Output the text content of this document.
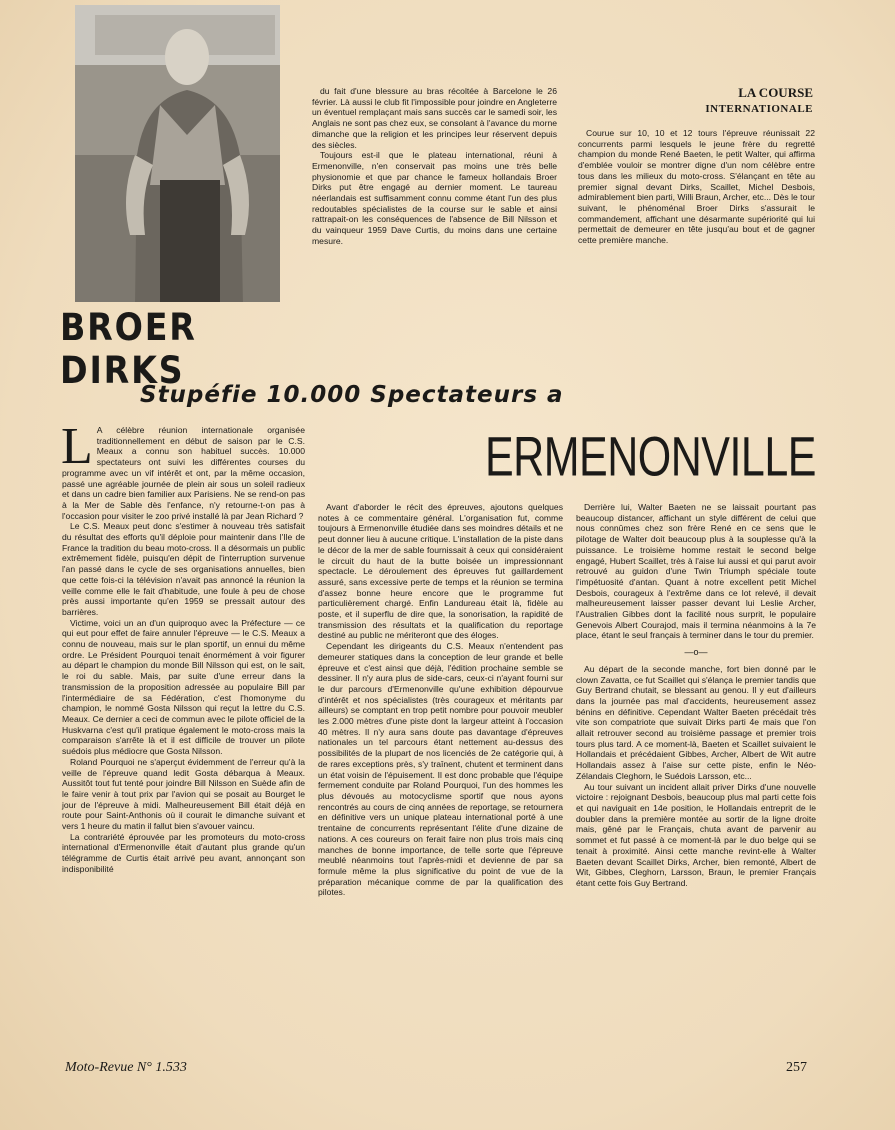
BROER DIRKS

du fait d'une blessure au bras récoltée à Barcelone le 26 février. Là aussi le club fit l'impossible pour joindre en Angleterre un éventuel remplaçant mais sans succès car le samedi soir, les Anglais ne sont pas chez eux, se consolant à l'avance du morne dimanche que la religion et les principes leur réservent depuis des siècles.

Toujours est-il que le plateau international, réuni à Ermenonville, n'en conservait pas moins une très belle physionomie et que par chance le fameux hollandais Broer Dirks put être engagé au dernier moment. Le taureau néerlandais est suffisamment connu comme étant l'un des plus redoutables spécialistes de la course sur le sable et ainsi rattrapait-on les conséquences de l'absence de Bill Nilsson et du vainqueur 1959 Dave Curtis, du moins dans une certaine mesure.

LA COURSE
INTERNATIONALE

Courue sur 10, 10 et 12 tours l'épreuve réunissait 22 concurrents parmi lesquels le jeune frère du regretté champion du monde René Baeten, le petit Walter, qui affirma d'emblée vouloir se montrer digne d'un nom célèbre entre tous dans les milieux du moto-cross. S'élançant en tête au premier signal devant Dirks, Scaillet, Michel Desbois, admirablement bien parti, Willi Braun, Archer, etc... Dès le tour suivant, le phénoménal Broer Dirks s'assurait le commandement, affichant une désarmante supériorité qui lui permettait de demeurer en tête jusqu'au bout et de gagner cette première manche.

Stupéfie 10.000 Spectateurs a
ERMENONVILLE
L A célèbre réunion internationale organisée traditionnellement en début de saison par le C.S. Meaux a connu son habituel succès. 10.000 spectateurs ont suivi les différentes courses du programme avec un vif intérêt et ont, par la même occasion, passé une agréable journée de plein air sous un soleil radieux et dans un cadre bien familier aux Parisiens. Ne se rend-on pas à la Mer de Sable dès l'enfance, n'y retourne-t-on pas à l'occasion pour visiter le zoo privé installé là par Jean Richard ?

Le C.S. Meaux peut donc s'estimer à nouveau très satisfait du résultat des efforts qu'il déploie pour maintenir dans l'Ile de France la tradition du beau moto-cross. Il a désormais un public extrêmement fidèle, puisqu'en dépit de l'interruption survenue l'an passé dans le cycle de ses organisations annuelles, bien que cette fois-ci la télévision n'avait pas annoncé la réunion la veille comme elle le fait d'habitude, une foule à peu de chose près aussi importante qu'en 1959 se pressait autour des barrières.

Victime, voici un an d'un quiproquo avec la Préfecture — ce qui eut pour effet de faire annuler l'épreuve — le C.S. Meaux a connu de nouveau, mais sur le plan sportif, un ennui du même ordre. Le Président Pourquoi tenait énormément à voir figurer au départ le champion du monde Bill Nilsson qui est, on le sait, le roi du sable. Mais, par suite d'une erreur dans la transmission de la proposition adressée au populaire Bill par l'intermédiaire de sa Fédération, c'est l'homonyme du champion, le nommé Gosta Nilsson qui reçut la lettre du C.S. Meaux. Ce dernier a ceci de commun avec le pilote officiel de la Huskvarna c'est qu'il pratique également le moto-cross mais la comparaison s'arrête là et il est difficile de trouver un pilote suédois plus médiocre que Gosta Nilsson.

Roland Pourquoi ne s'aperçut évidemment de l'erreur qu'à la veille de l'épreuve quand ledit Gosta débarqua à Meaux. Aussitôt tout fut tenté pour joindre Bill Nilsson en Suède afin de le faire venir à tout prix par l'avion qui se posait au Bourget le jour de l'épreuve à midi. Malheureusement Bill était déjà en route pour Saint-Anthonis où il courait le dimanche suivant et vers 1 heure du matin il fallut bien s'avouer vaincu.

La contrariété éprouvée par les promoteurs du moto-cross international d'Ermenonville était d'autant plus grande qu'un télégramme de Curtis était arrivé peu avant, annonçant son indisponibilité

Avant d'aborder le récit des épreuves, ajoutons quelques notes à ce commentaire général. L'organisation fut, comme toujours à Ermenonville étudiée dans ses moindres détails et ne peut donner lieu à aucune critique. L'installation de la piste dans le décor de la mer de sable fournissait à ceux qui considéraient le circuit du haut de la butte boisée un impressionnant spectacle. Le déroulement des épreuves fut gaillardement assuré, sans excessive perte de temps et la réunion se termina d'assez bonne heure encore que le programme fut particulièrement chargé. Enfin Landureau était là, fidèle au poste, et il superflu de dire que, la sonorisation, la rapidité de transmission des résultats et la qualification du reportage destiné au public ne mériteront que des éloges.

Cependant les dirigeants du C.S. Meaux n'entendent pas demeurer statiques dans la conception de leur grande et belle épreuve et c'est ainsi que déjà, l'édition prochaine semble se dessiner. Il n'y aura plus de side-cars, ceux-ci n'ayant fourni sur le dur parcours d'Ermenonville qu'une exhibition dépourvue d'intérêt et nos spécialistes (très courageux et méritants par ailleurs) se comptant en trop petit nombre pour pouvoir meubler les 2.000 mètres d'une piste dont la largeur atteint à l'occasion 40 mètres. Il n'y aura sans doute pas davantage d'épreuves nationales un tel parcours étant nettement au-dessus des possibilités de la plupart de nos licenciés de 2e catégorie qui, à de rares exceptions près, s'y traînent, chutent et terminent dans un état voisin de l'épuisement. Il est donc probable que l'équipe fermement conduite par Roland Pourquoi, l'un des hommes les plus dévoués au motocyclisme sportif que nous ayons rencontrés au cours de cinq années de reportage, se retournera en définitive vers un unique plateau international porté à une trentaine de concurrents représentant l'élite d'une dizaine de nations. A ces coureurs on ferait faire non plus trois mais cinq manches de bonne importance, de telle sorte que l'épreuve meublé néanmoins tout l'après-midi et devienne de par sa formule même la plus significative du point de vue de la préparation mécanique comme de par la qualification des pilotes.

Derrière lui, Walter Baeten ne se laissait pourtant pas beaucoup distancer, affichant un style différent de celui que nous connûmes chez son frère René en ce sens que le pilotage de Walter doit beaucoup plus à la souplesse qu'à la puissance. Le troisième homme restait le second belge engagé, Hubert Scaillet, très à l'aise lui aussi et qui parut avoir retrouvé au guidon d'une Twin Triumph spéciale toute l'impétuosité d'antan. Quant à notre excellent petit Michel Desbois, courageux à l'extrême dans ce lot relevé, il devait malheureusement laisser passer devant lui Leslie Archer, l'Australien Gibbes dont la facilité nous surprit, le populaire Genevois Albert Courajod, mais il termina néanmoins à la 7e place, étant le seul français à terminer dans le tour du premier.

—o—

Au départ de la seconde manche, fort bien donné par le clown Zavatta, ce fut Scaillet qui s'élança le premier tandis que Guy Bertrand chutait, se blessant au genou. Il y eut d'ailleurs dans la journée pas mal d'accidents, heureusement assez bénins en définitive. Cependant Walter Baeten précédait très vite son compatriote que suivait Dirks parti 4e mais que l'on allait retrouver second au troisième passage et premier trois tours plus tard. A ce moment-là, Baeten et Scaillet suivaient le Hollandais et précédaient Gibbes, Archer, Albert de Wit autre Hollandais assez à l'aise sur cette piste, enfin le Néo-Zélandais Cleghorn, le Suédois Larsson, etc...

Au tour suivant un incident allait priver Dirks d'une nouvelle victoire : rejoignant Desbois, beaucoup plus mal parti cette fois et qui naviguait en 14e position, le Hollandais entreprit de le doubler dans la première montée au sortir de la ligne droite mais, gêné par le Français, chuta avant de parvenir au sommet et fut passé à ce moment-là par le duo belge qui se tenait à proximité. Ainsi cette manche revint-elle à Walter Baeten devant Scaillet Dirks, Archer, bien remonté, Albert de Wit, Gibbes, Cleghorn, Larsson, Braun, le premier Français étant cette fois Guy Bertrand.

Moto-Revue N° 1.533	257
